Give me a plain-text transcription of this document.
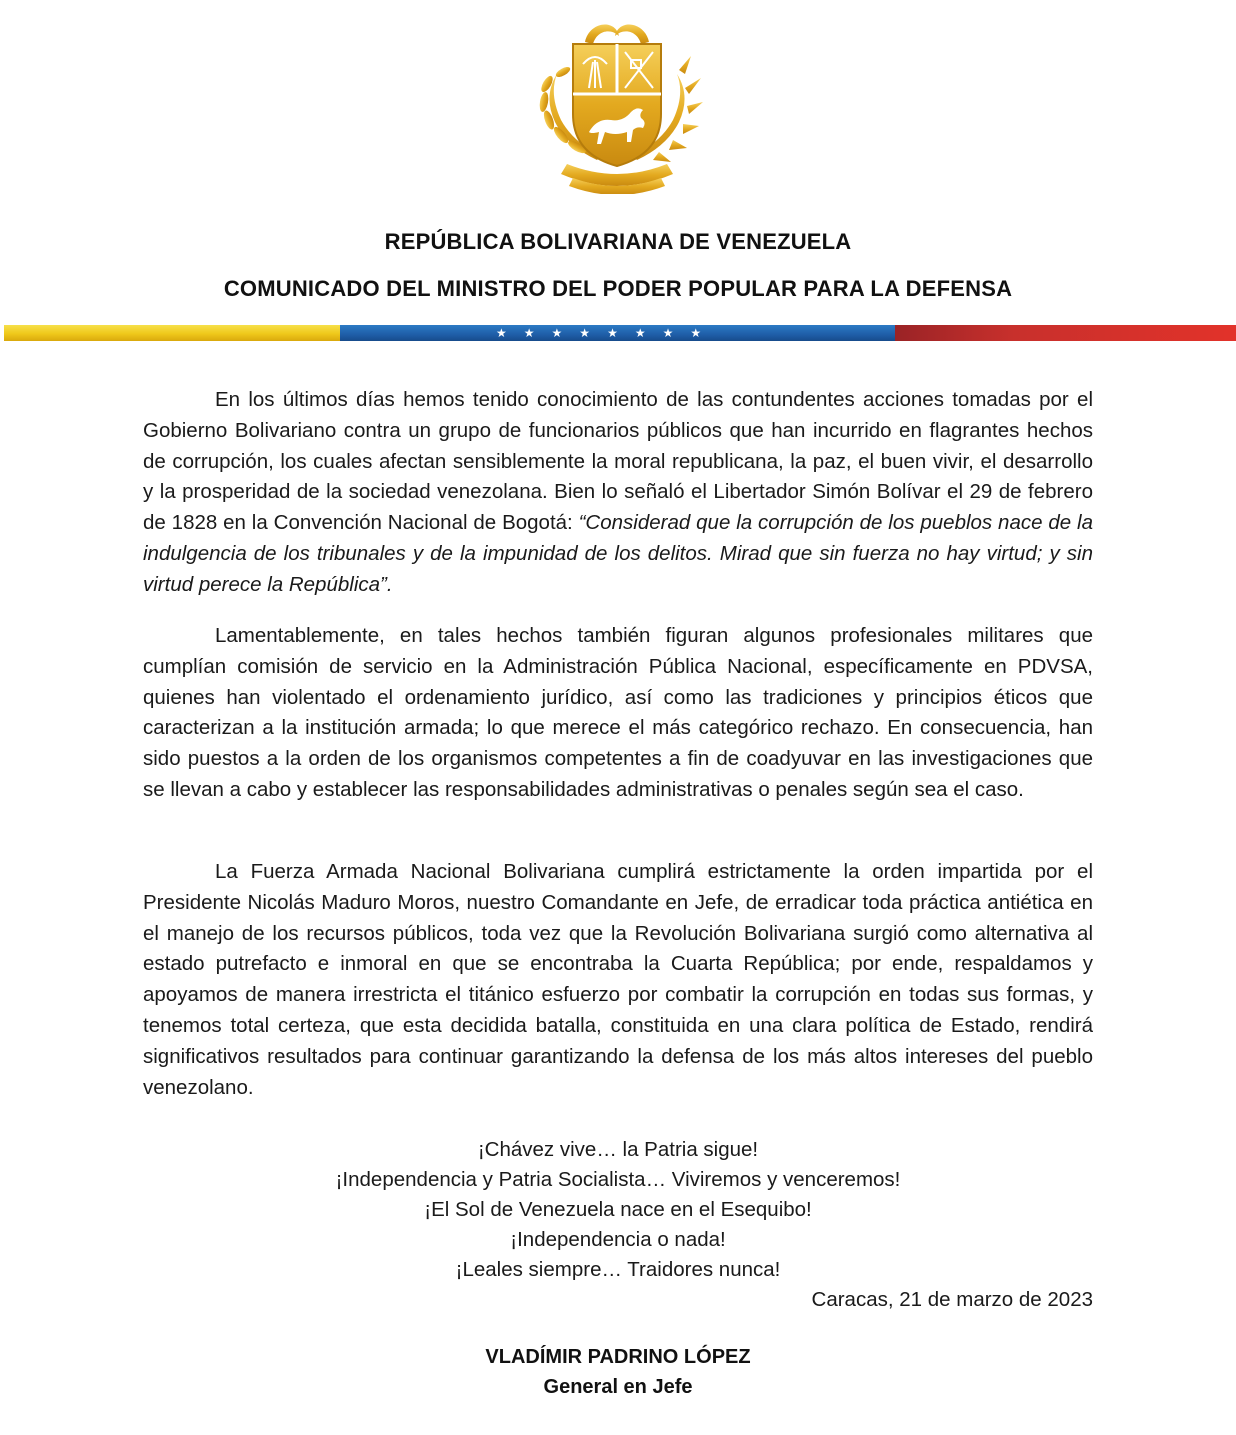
REPÚBLICA BOLIVARIANA DE VENEZUELA
COMUNICADO DEL MINISTRO DEL PODER POPULAR PARA LA DEFENSA
★ ★ ★ ★ ★ ★ ★ ★

En los últimos días hemos tenido conocimiento de las contundentes acciones tomadas por el Gobierno Bolivariano contra un grupo de funcionarios públicos que han incurrido en flagrantes hechos de corrupción, los cuales afectan sensiblemente la moral republicana, la paz, el buen vivir, el desarrollo y la prosperidad de la sociedad venezolana. Bien lo señaló el Libertador Simón Bolívar el 29 de febrero de 1828 en la Convención Nacional de Bogotá: “Considerad que la corrupción de los pueblos nace de la indulgencia de los tribunales y de la impunidad de los delitos. Mirad que sin fuerza no hay virtud; y sin virtud perece la República”.

Lamentablemente, en tales hechos también figuran algunos profesionales militares que cumplían comisión de servicio en la Administración Pública Nacional, específicamente en PDVSA, quienes han violentado el ordenamiento jurídico, así como las tradiciones y principios éticos que caracterizan a la institución armada; lo que merece el más categórico rechazo. En consecuencia, han sido puestos a la orden de los organismos competentes a fin de coadyuvar en las investigaciones que se llevan a cabo y establecer las responsabilidades administrativas o penales según sea el caso.

La Fuerza Armada Nacional Bolivariana cumplirá estrictamente la orden impartida por el Presidente Nicolás Maduro Moros, nuestro Comandante en Jefe, de erradicar toda práctica antiética en el manejo de los recursos públicos, toda vez que la Revolución Bolivariana surgió como alternativa al estado putrefacto e inmoral en que se encontraba la Cuarta República; por ende, respaldamos y apoyamos de manera irrestricta el titánico esfuerzo por combatir la corrupción en todas sus formas, y tenemos total certeza, que esta decidida batalla, constituida en una clara política de Estado, rendirá significativos resultados para continuar garantizando la defensa de los más altos intereses del pueblo venezolano.

¡Chávez vive… la Patria sigue!
¡Independencia y Patria Socialista… Viviremos y venceremos!
¡El Sol de Venezuela nace en el Esequibo!
¡Independencia o nada!
¡Leales siempre… Traidores nunca!
Caracas, 21 de marzo de 2023
VLADÍMIR PADRINO LÓPEZ
General en Jefe
